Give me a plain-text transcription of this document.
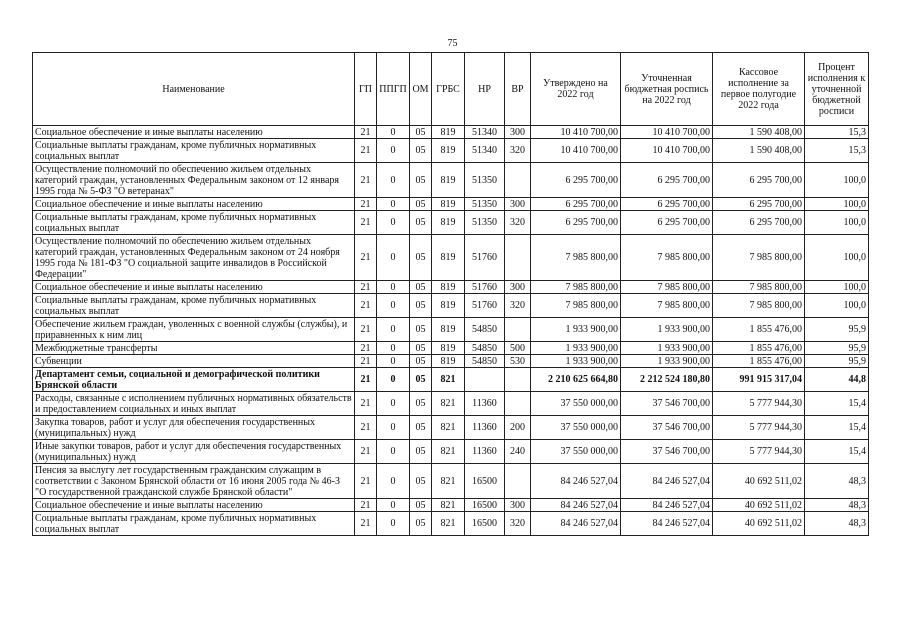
75
Наименование	ГП	ППГП	ОМ	ГРБС	НР	ВР	Утверждено на 2022 год	Уточненная бюджетная роспись на 2022 год	Кассовое исполнение за первое полугодие 2022 года	Процент исполнения к уточненной бюджетной росписи
Социальное обеспечение и иные выплаты населению	21	0	05	819	51340	300	10 410 700,00	10 410 700,00	1 590 408,00	15,3
Социальные выплаты гражданам, кроме публичных нормативных социальных выплат	21	0	05	819	51340	320	10 410 700,00	10 410 700,00	1 590 408,00	15,3
Осуществление полномочий по обеспечению жильем отдельных категорий граждан, установленных Федеральным законом от 12 января 1995 года № 5-ФЗ "О ветеранах"	21	0	05	819	51350		6 295 700,00	6 295 700,00	6 295 700,00	100,0
Социальное обеспечение и иные выплаты населению	21	0	05	819	51350	300	6 295 700,00	6 295 700,00	6 295 700,00	100,0
Социальные выплаты гражданам, кроме публичных нормативных социальных выплат	21	0	05	819	51350	320	6 295 700,00	6 295 700,00	6 295 700,00	100,0
Осуществление полномочий по обеспечению жильем отдельных категорий граждан, установленных Федеральным законом от 24 ноября 1995 года № 181-ФЗ "О социальной защите инвалидов в Российской Федерации"	21	0	05	819	51760		7 985 800,00	7 985 800,00	7 985 800,00	100,0
Социальное обеспечение и иные выплаты населению	21	0	05	819	51760	300	7 985 800,00	7 985 800,00	7 985 800,00	100,0
Социальные выплаты гражданам, кроме публичных нормативных социальных выплат	21	0	05	819	51760	320	7 985 800,00	7 985 800,00	7 985 800,00	100,0
Обеспечение жильем граждан, уволенных с военной службы (службы), и приравненных к ним лиц	21	0	05	819	54850		1 933 900,00	1 933 900,00	1 855 476,00	95,9
Межбюджетные трансферты	21	0	05	819	54850	500	1 933 900,00	1 933 900,00	1 855 476,00	95,9
Субвенции	21	0	05	819	54850	530	1 933 900,00	1 933 900,00	1 855 476,00	95,9
Департамент семьи, социальной и демографической политики Брянской области	21	0	05	821			2 210 625 664,80	2 212 524 180,80	991 915 317,04	44,8
Расходы, связанные с исполнением публичных нормативных обязательств и предоставлением социальных и иных выплат	21	0	05	821	11360		37 550 000,00	37 546 700,00	5 777 944,30	15,4
Закупка товаров, работ и услуг для обеспечения государственных (муниципальных) нужд	21	0	05	821	11360	200	37 550 000,00	37 546 700,00	5 777 944,30	15,4
Иные закупки товаров, работ и услуг для обеспечения государственных (муниципальных) нужд	21	0	05	821	11360	240	37 550 000,00	37 546 700,00	5 777 944,30	15,4
Пенсия за выслугу лет государственным гражданским служащим в соответствии с Законом Брянской области от 16 июня 2005 года № 46-З "О государственной гражданской службе Брянской области"	21	0	05	821	16500		84 246 527,04	84 246 527,04	40 692 511,02	48,3
Социальное обеспечение и иные выплаты населению	21	0	05	821	16500	300	84 246 527,04	84 246 527,04	40 692 511,02	48,3
Социальные выплаты гражданам, кроме публичных нормативных социальных выплат	21	0	05	821	16500	320	84 246 527,04	84 246 527,04	40 692 511,02	48,3
